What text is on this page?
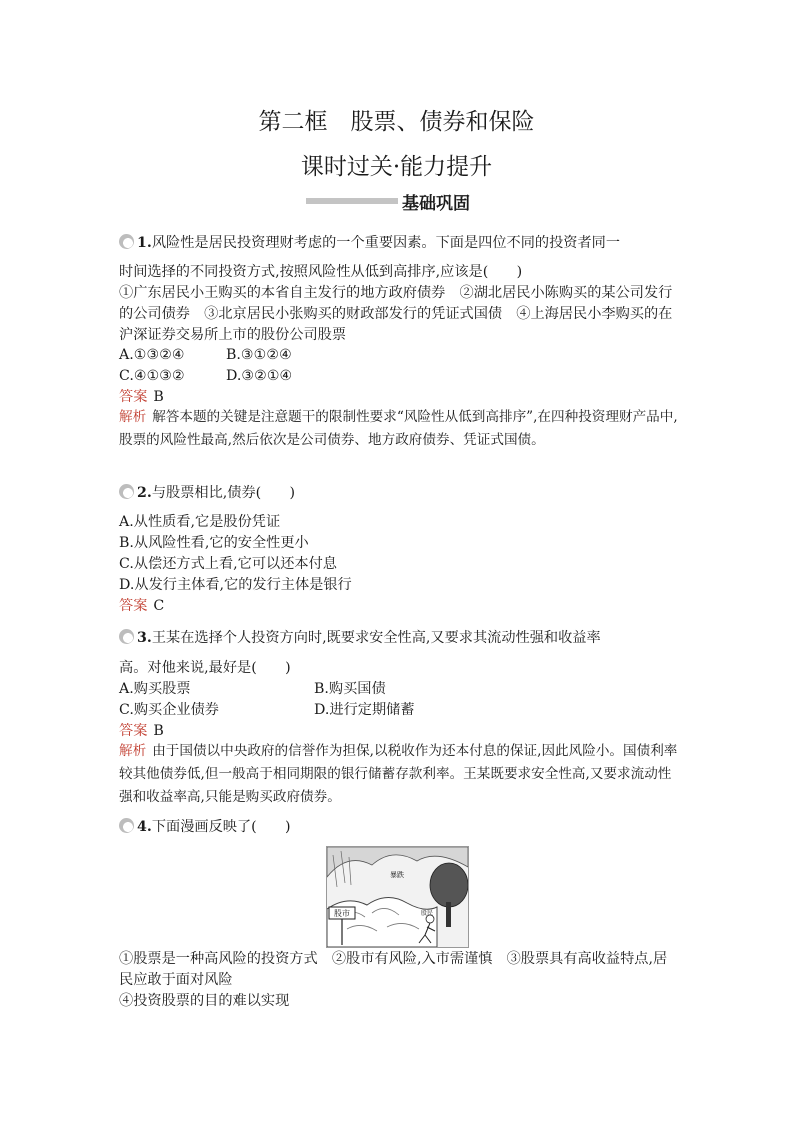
第二框　股票、债券和保险
课时过关·能力提升
基础巩固
1.风险性是居民投资理财考虑的一个重要因素。下面是四位不同的投资者同一
时间选择的不同投资方式,按照风险性从低到高排序,应该是(　　)
①广东居民小王购买的本省自主发行的地方政府债券　②湖北居民小陈购买的某公司发行的公司债券　③北京居民小张购买的财政部发行的凭证式国债　④上海居民小李购买的在沪深证券交易所上市的股份公司股票
A.①③②④	B.③①②④
C.④①③②	D.③②①④
答案 B
解析 解答本题的关键是注意题干的限制性要求“风险性从低到高排序”,在四种投资理财产品中,股票的风险性最高,然后依次是公司债券、地方政府债券、凭证式国债。
2.与股票相比,债券(　　)
A.从性质看,它是股份凭证
B.从风险性看,它的安全性更小
C.从偿还方式上看,它可以还本付息
D.从发行主体看,它的发行主体是银行
答案 C
3.王某在选择个人投资方向时,既要求安全性高,又要求其流动性强和收益率
高。对他来说,最好是(　　)
A.购买股票	B.购买国债
C.购买企业债券	D.进行定期储蓄
答案 B
解析 由于国债以中央政府的信誉作为担保,以税收作为还本付息的保证,因此风险小。国债利率较其他债券低,但一般高于相同期限的银行储蓄存款利率。王某既要求安全性高,又要求流动性强和收益率高,只能是购买政府债券。
4.下面漫画反映了(　　)
股市
暴跌
股民
①股票是一种高风险的投资方式　②股市有风险,入市需谨慎　③股票具有高收益特点,居民应敢于面对风险
④投资股票的目的难以实现
